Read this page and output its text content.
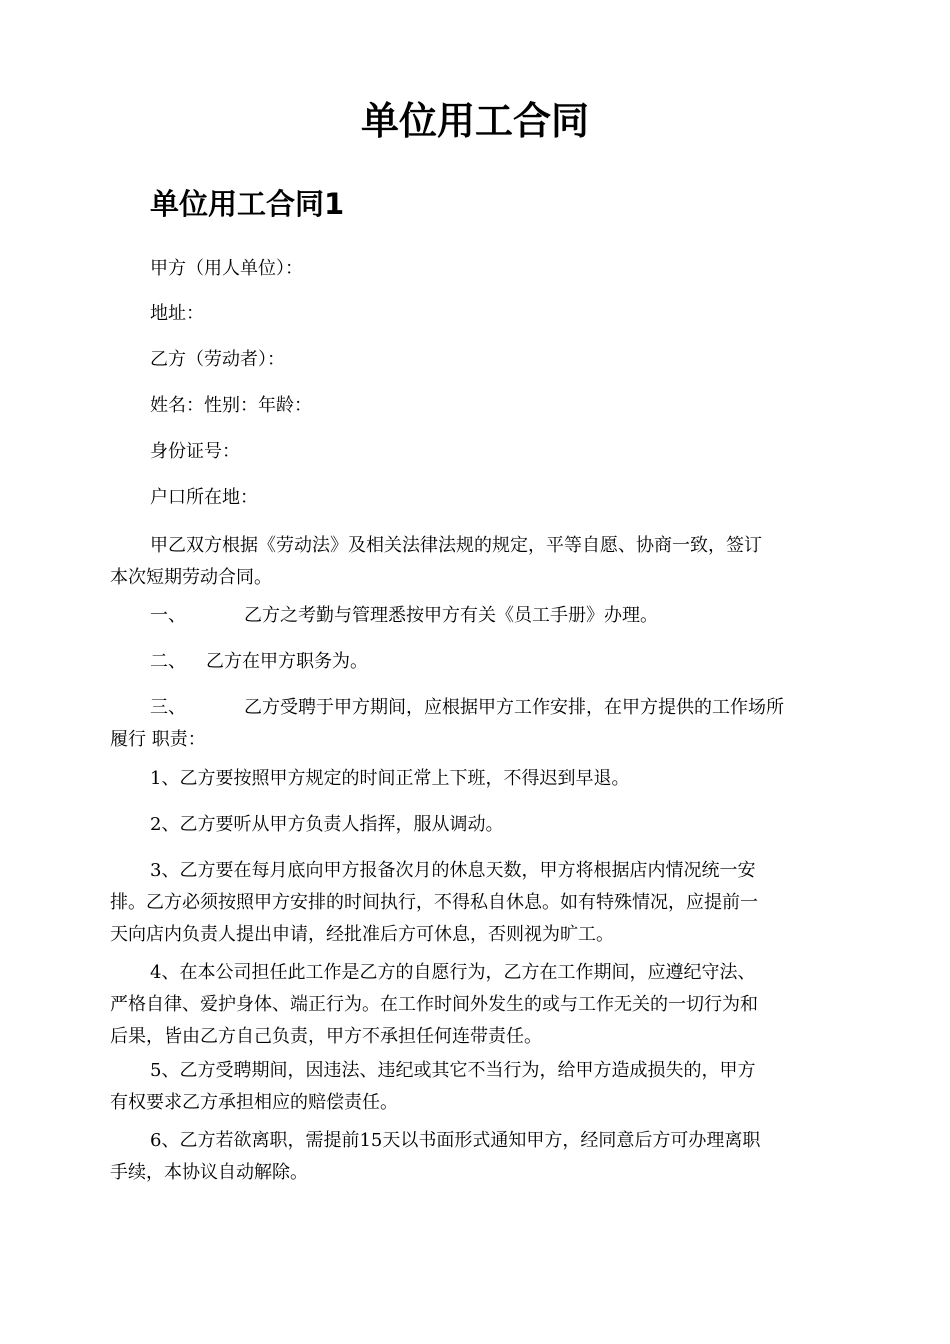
单位用工合同
单位用工合同1

甲方（用人单位）：

地址：

乙方（劳动者）：

姓名：性别：年龄：

身份证号：

户口所在地：

甲乙双方根据《劳动法》及相关法律法规的规定，平等自愿、协商一致，签订
本次短期劳动合同。

一、	乙方之考勤与管理悉按甲方有关《员工手册》办理。

二、 乙方在甲方职务为。

三、	乙方受聘于甲方期间，应根据甲方工作安排，在甲方提供的工作场所
履行 职责：

1、乙方要按照甲方规定的时间正常上下班，不得迟到早退。

2、乙方要听从甲方负责人指挥，服从调动。

3、乙方要在每月底向甲方报备次月的休息天数，甲方将根据店内情况统一安
排。乙方必须按照甲方安排的时间执行，不得私自休息。如有特殊情况，应提前一
天向店内负责人提出申请，经批准后方可休息，否则视为旷工。

4、在本公司担任此工作是乙方的自愿行为，乙方在工作期间，应遵纪守法、
严格自律、爱护身体、端正行为。在工作时间外发生的或与工作无关的一切行为和
后果，皆由乙方自己负责，甲方不承担任何连带责任。

5、乙方受聘期间，因违法、违纪或其它不当行为，给甲方造成损失的，甲方
有权要求乙方承担相应的赔偿责任。

6、乙方若欲离职，需提前15天以书面形式通知甲方，经同意后方可办理离职
手续，本协议自动解除。
